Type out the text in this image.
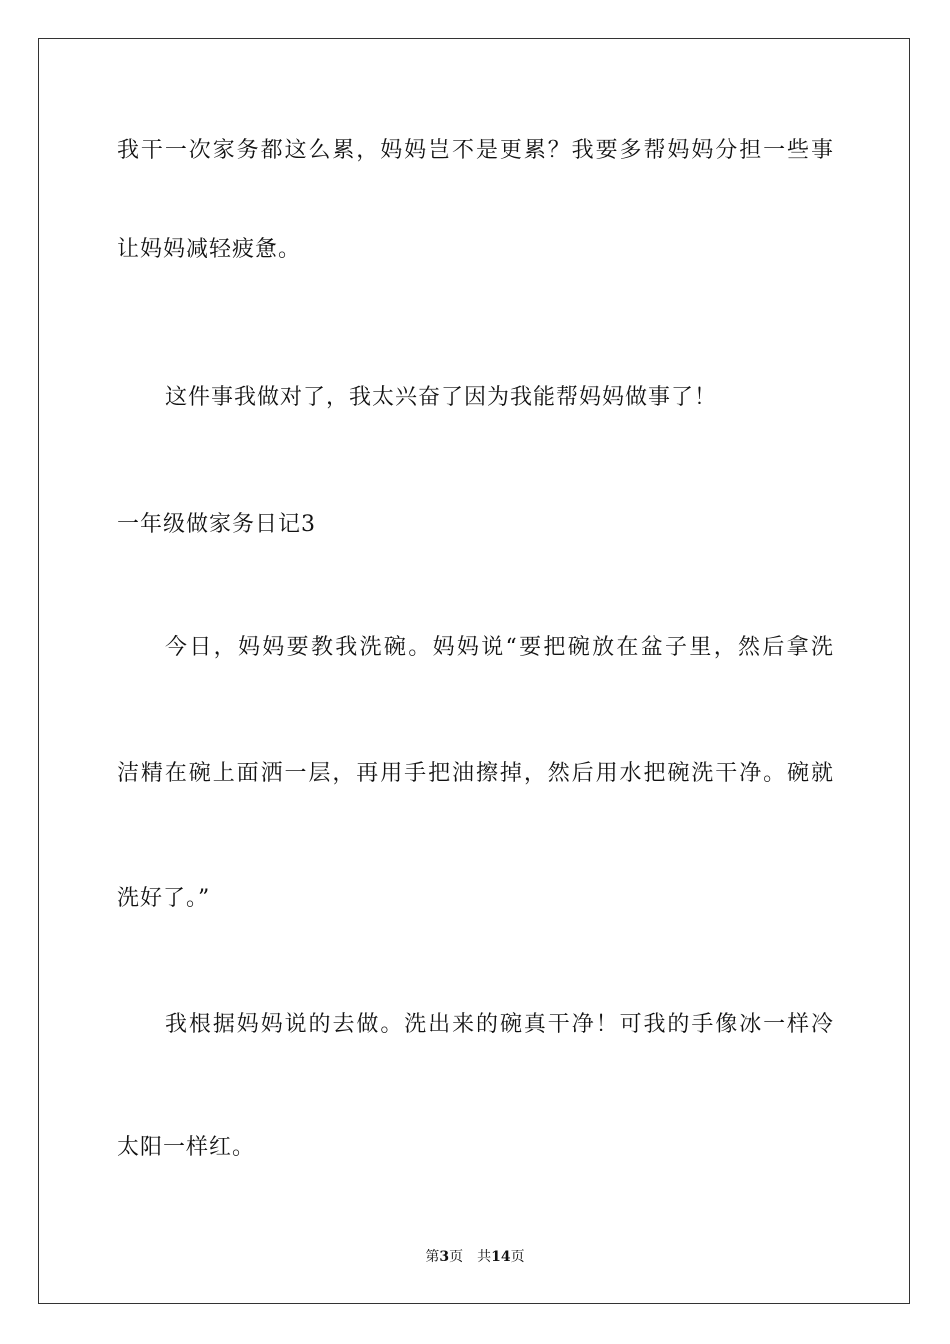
我干一次家务都这么累，妈妈岂不是更累？我要多帮妈妈分担一些事
让妈妈减轻疲惫。
这件事我做对了，我太兴奋了因为我能帮妈妈做事了！
一年级做家务日记3
今日，妈妈要教我洗碗。妈妈说“要把碗放在盆子里，然后拿洗
洁精在碗上面洒一层，再用手把油擦掉，然后用水把碗洗干净。碗就
洗好了。”
我根据妈妈说的去做。洗出来的碗真干净！可我的手像冰一样冷
太阳一样红。
第3页 共14页
